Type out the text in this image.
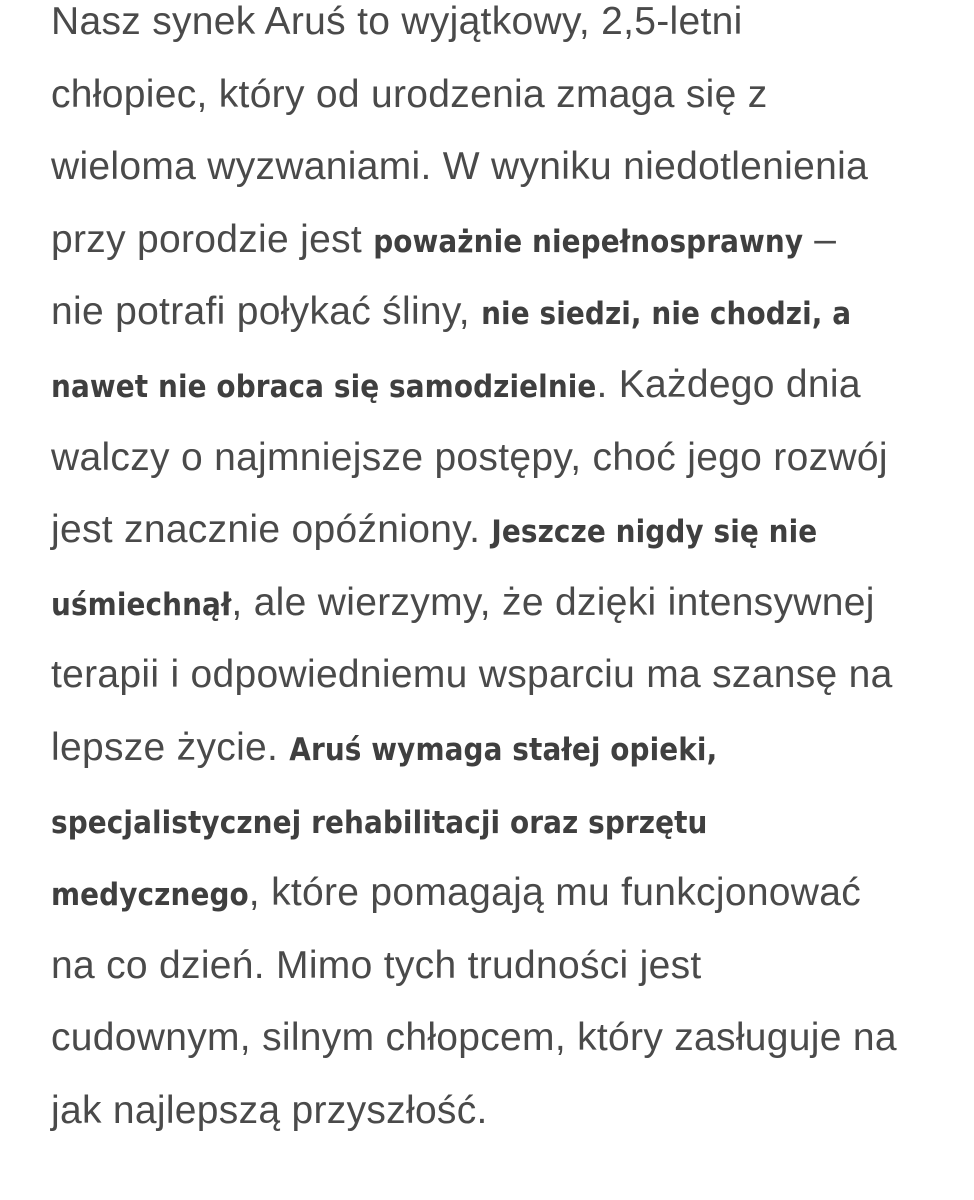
Nasz synek Aruś to wyjątkowy, 2,5-letni
chłopiec, który od urodzenia zmaga się z
wieloma wyzwaniami. W wyniku niedotlenienia
przy porodzie jest poważnie niepełnosprawny –
nie potrafi połykać śliny, nie siedzi, nie chodzi, a
nawet nie obraca się samodzielnie. Każdego dnia
walczy o najmniejsze postępy, choć jego rozwój
jest znacznie opóźniony. Jeszcze nigdy się nie
uśmiechnął, ale wierzymy, że dzięki intensywnej
terapii i odpowiedniemu wsparciu ma szansę na
lepsze życie. Aruś wymaga stałej opieki,
specjalistycznej rehabilitacji oraz sprzętu
medycznego, które pomagają mu funkcjonować
na co dzień. Mimo tych trudności jest
cudownym, silnym chłopcem, który zasługuje na
jak najlepszą przyszłość.
